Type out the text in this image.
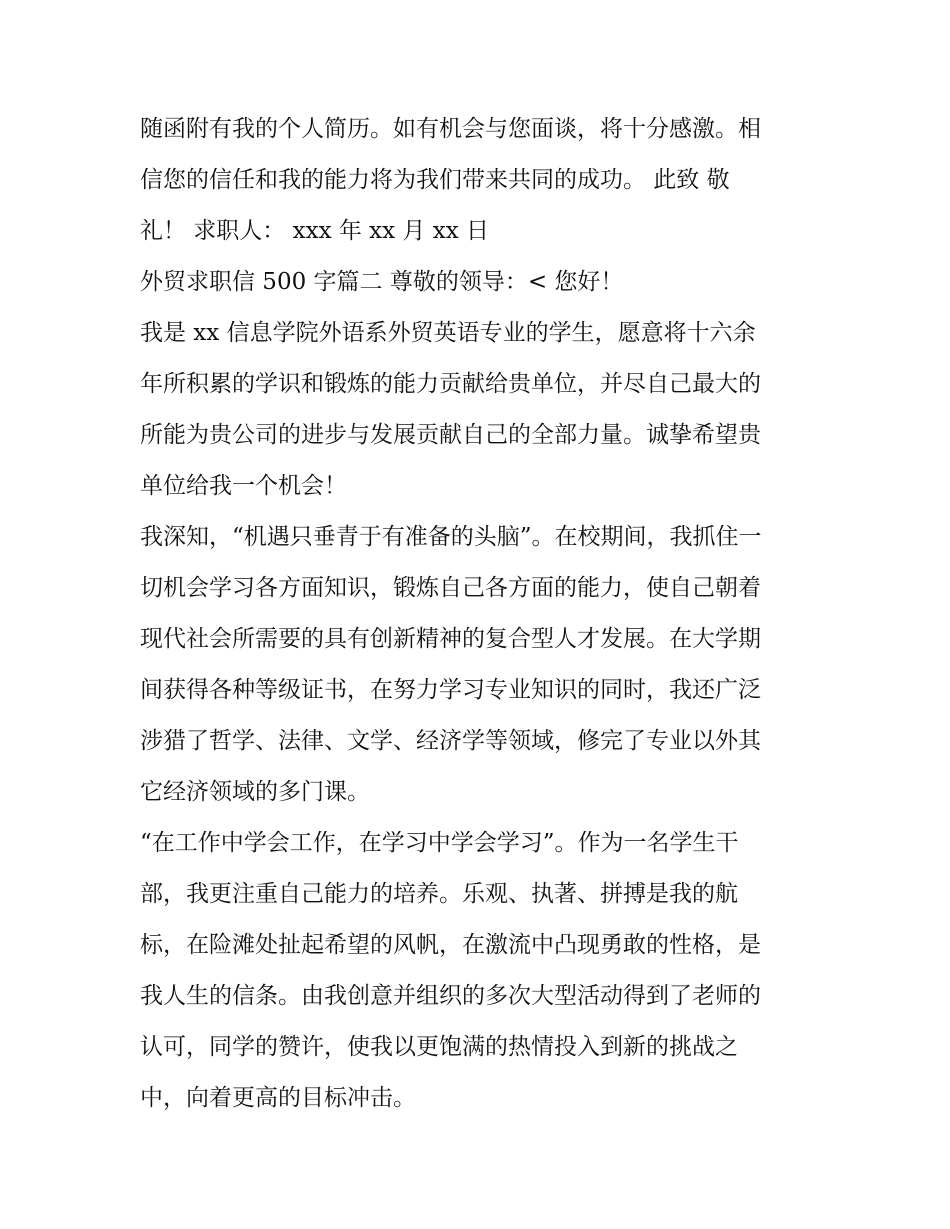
随函附有我的个人简历。如有机会与您面谈，将十分感激。相
信您的信任和我的能力将为我们带来共同的成功。 此致 敬
礼！ 求职人： xxx 年 xx 月 xx 日
外贸求职信 500 字篇二 尊敬的领导：< 您好！
我是 xx 信息学院外语系外贸英语专业的学生，愿意将十六余
年所积累的学识和锻炼的能力贡献给贵单位，并尽自己最大的
所能为贵公司的进步与发展贡献自己的全部力量。诚挚希望贵
单位给我一个机会！
我深知，“机遇只垂青于有准备的头脑”。在校期间，我抓住一
切机会学习各方面知识，锻炼自己各方面的能力，使自己朝着
现代社会所需要的具有创新精神的复合型人才发展。在大学期
间获得各种等级证书，在努力学习专业知识的同时，我还广泛
涉猎了哲学、法律、文学、经济学等领域，修完了专业以外其
它经济领域的多门课。
“在工作中学会工作，在学习中学会学习”。作为一名学生干
部，我更注重自己能力的培养。乐观、执著、拼搏是我的航
标，在险滩处扯起希望的风帆，在激流中凸现勇敢的性格，是
我人生的信条。由我创意并组织的多次大型活动得到了老师的
认可，同学的赞许，使我以更饱满的热情投入到新的挑战之
中，向着更高的目标冲击。
